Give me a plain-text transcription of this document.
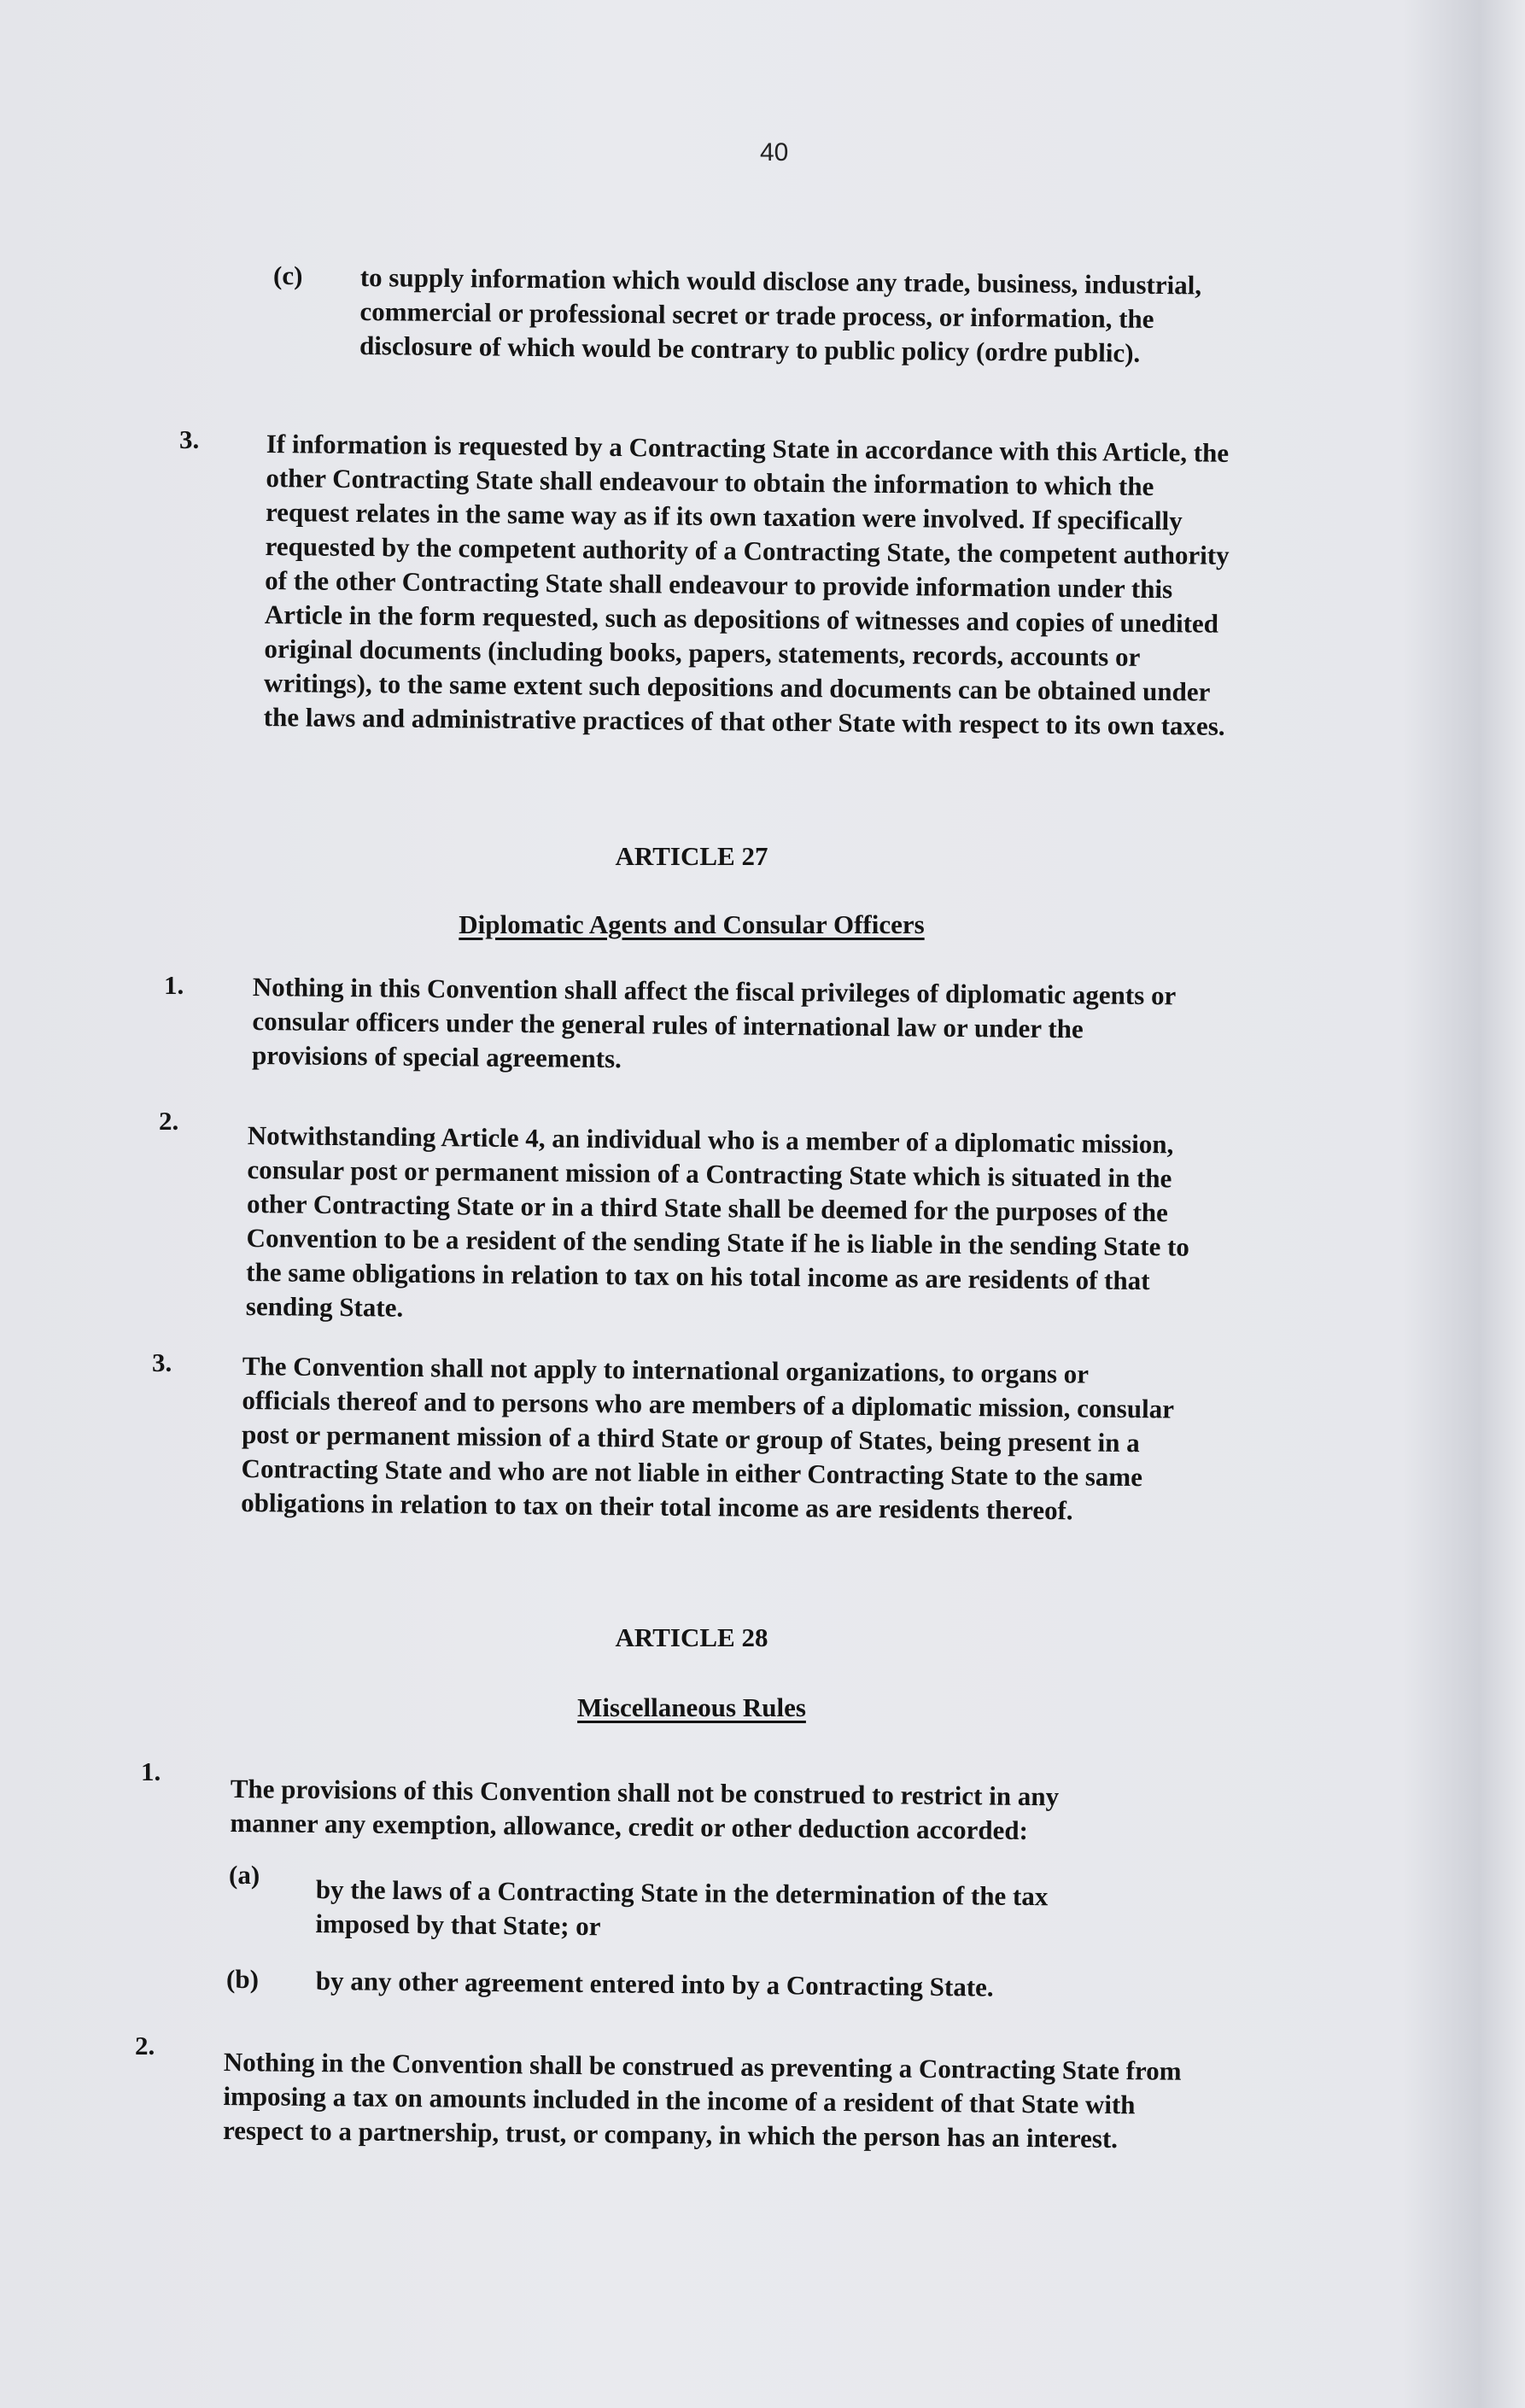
40
(c) to supply information which would disclose any trade, business, industrial, commercial or professional secret or trade process, or information, the disclosure of which would be contrary to public policy (ordre public).
3.	If information is requested by a Contracting State in accordance with this Article, the other Contracting State shall endeavour to obtain the information to which the request relates in the same way as if its own taxation were involved. If specifically requested by the competent authority of a Contracting State, the competent authority of the other Contracting State shall endeavour to provide information under this Article in the form requested, such as depositions of witnesses and copies of unedited original documents (including books, papers, statements, records, accounts or writings), to the same extent such depositions and documents can be obtained under the laws and administrative practices of that other State with respect to its own taxes.
ARTICLE 27
Diplomatic Agents and Consular Officers
1.	Nothing in this Convention shall affect the fiscal privileges of diplomatic agents or consular officers under the general rules of international law or under the provisions of special agreements.
2.	Notwithstanding Article 4, an individual who is a member of a diplomatic mission, consular post or permanent mission of a Contracting State which is situated in the other Contracting State or in a third State shall be deemed for the purposes of the Convention to be a resident of the sending State if he is liable in the sending State to the same obligations in relation to tax on his total income as are residents of that sending State.
3.	The Convention shall not apply to international organizations, to organs or officials thereof and to persons who are members of a diplomatic mission, consular post or permanent mission of a third State or group of States, being present in a Contracting State and who are not liable in either Contracting State to the same obligations in relation to tax on their total income as are residents thereof.
ARTICLE 28
Miscellaneous Rules
1.
The provisions of this Convention shall not be construed to restrict in any manner any exemption, allowance, credit or other deduction accorded:
(a) by the laws of a Contracting State in the determination of the tax imposed by that State; or
(b) by any other agreement entered into by a Contracting State.
2.
Nothing in the Convention shall be construed as preventing a Contracting State from imposing a tax on amounts included in the income of a resident of that State with respect to a partnership, trust, or company, in which the person has an interest.
